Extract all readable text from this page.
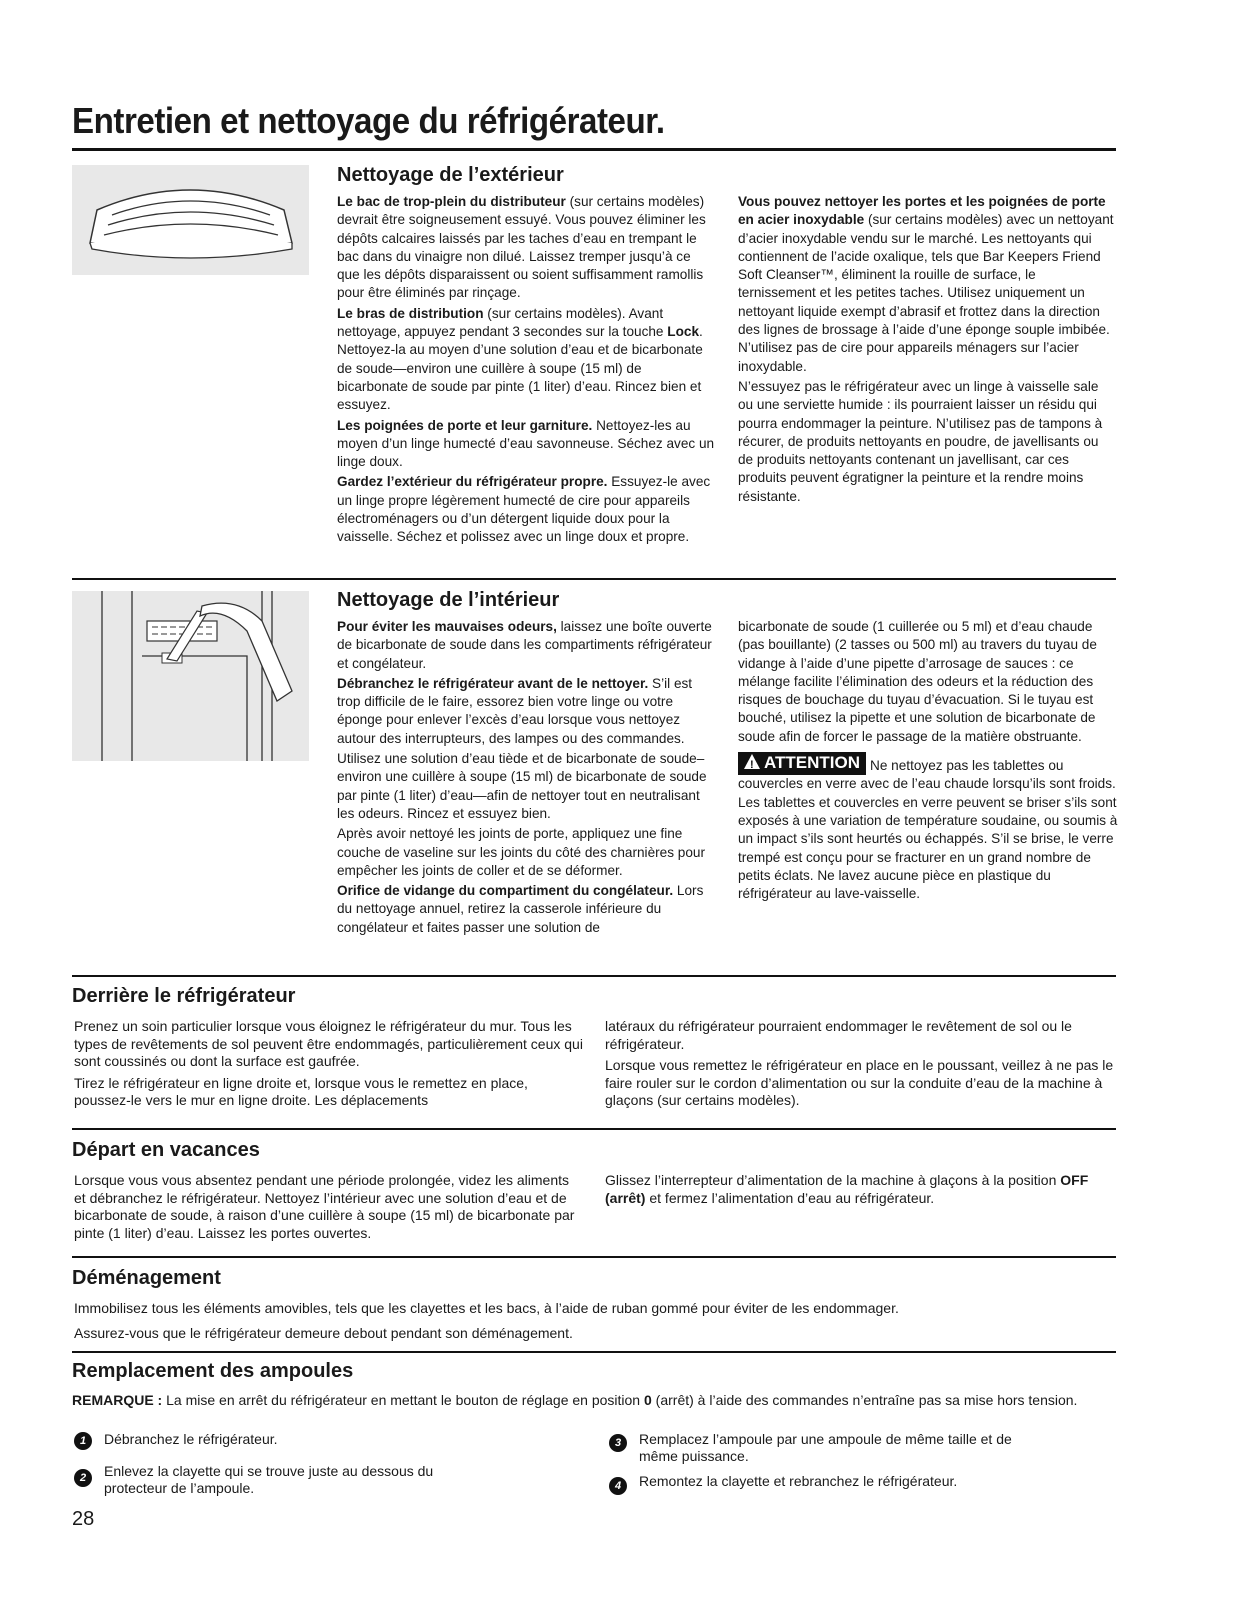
Entretien et nettoyage du réfrigérateur.
Nettoyage de l’extérieur

Le bac de trop-plein du distributeur (sur certains modèles) devrait être soigneusement essuyé. Vous pouvez éliminer les dépôts calcaires laissés par les taches d’eau en trempant le bac dans du vinaigre non dilué. Laissez tremper jusqu’à ce que les dépôts disparaissent ou soient suffisamment ramollis pour être éliminés par rinçage.

Le bras de distribution (sur certains modèles). Avant nettoyage, appuyez pendant 3 secondes sur la touche Lock. Nettoyez-la au moyen d’une solution d’eau et de bicarbonate de soude—environ une cuillère à soupe (15 ml) de bicarbonate de soude par pinte (1 liter) d’eau. Rincez bien et essuyez.

Les poignées de porte et leur garniture. Nettoyez-les au moyen d’un linge humecté d’eau savonneuse. Séchez avec un linge doux.

Gardez l’extérieur du réfrigérateur propre. Essuyez-le avec un linge propre légèrement humecté de cire pour appareils électroménagers ou d’un détergent liquide doux pour la vaisselle. Séchez et polissez avec un linge doux et propre.

Vous pouvez nettoyer les portes et les poignées de porte en acier inoxydable (sur certains modèles) avec un nettoyant d’acier inoxydable vendu sur le marché. Les nettoyants qui contiennent de l’acide oxalique, tels que Bar Keepers Friend Soft Cleanser™, éliminent la rouille de surface, le ternissement et les petites taches. Utilisez uniquement un nettoyant liquide exempt d’abrasif et frottez dans la direction des lignes de brossage à l’aide d’une éponge souple imbibée. N’utilisez pas de cire pour appareils ménagers sur l’acier inoxydable.

N’essuyez pas le réfrigérateur avec un linge à vaisselle sale ou une serviette humide : ils pourraient laisser un résidu qui pourra endommager la peinture. N’utilisez pas de tampons à récurer, de produits nettoyants en poudre, de javellisants ou de produits nettoyants contenant un javellisant, car ces produits peuvent égratigner la peinture et la rendre moins résistante.

Nettoyage de l’intérieur

Pour éviter les mauvaises odeurs, laissez une boîte ouverte de bicarbonate de soude dans les compartiments réfrigérateur et congélateur.

Débranchez le réfrigérateur avant de le nettoyer. S’il est trop difficile de le faire, essorez bien votre linge ou votre éponge pour enlever l’excès d’eau lorsque vous nettoyez autour des interrupteurs, des lampes ou des commandes.

Utilisez une solution d’eau tiède et de bicarbonate de soude–environ une cuillère à soupe (15 ml) de bicarbonate de soude par pinte (1 liter) d’eau—afin de nettoyer tout en neutralisant les odeurs. Rincez et essuyez bien.

Après avoir nettoyé les joints de porte, appliquez une fine couche de vaseline sur les joints du côté des charnières pour empêcher les joints de coller et de se déformer.

Orifice de vidange du compartiment du congélateur. Lors du nettoyage annuel, retirez la casserole inférieure du congélateur et faites passer une solution de

bicarbonate de soude (1 cuillerée ou 5 ml) et d’eau chaude (pas bouillante) (2 tasses ou 500 ml) au travers du tuyau de vidange à l’aide d’une pipette d’arrosage de sauces : ce mélange facilite l’élimination des odeurs et la réduction des risques de bouchage du tuyau d’évacuation. Si le tuyau est bouché, utilisez la pipette et une solution de bicarbonate de soude afin de forcer le passage de la matière obstruante.

! ATTENTION Ne nettoyez pas les tablettes ou couvercles en verre avec de l’eau chaude lorsqu’ils sont froids. Les tablettes et couvercles en verre peuvent se briser s’ils sont exposés à une variation de température soudaine, ou soumis à un impact s’ils sont heurtés ou échappés. S’il se brise, le verre trempé est conçu pour se fracturer en un grand nombre de petits éclats. Ne lavez aucune pièce en plastique du réfrigérateur au lave-vaisselle.

Derrière le réfrigérateur

Prenez un soin particulier lorsque vous éloignez le réfrigérateur du mur. Tous les types de revêtements de sol peuvent être endommagés, particulièrement ceux qui sont coussinés ou dont la surface est gaufrée.

Tirez le réfrigérateur en ligne droite et, lorsque vous le remettez en place, poussez-le vers le mur en ligne droite. Les déplacements

latéraux du réfrigérateur pourraient endommager le revêtement de sol ou le réfrigérateur.

Lorsque vous remettez le réfrigérateur en place en le poussant, veillez à ne pas le faire rouler sur le cordon d’alimentation ou sur la conduite d’eau de la machine à glaçons (sur certains modèles).

Départ en vacances

Lorsque vous vous absentez pendant une période prolongée, videz les aliments et débranchez le réfrigérateur. Nettoyez l’intérieur avec une solution d’eau et de bicarbonate de soude, à raison d’une cuillère à soupe (15 ml) de bicarbonate par pinte (1 liter) d’eau. Laissez les portes ouvertes.

Glissez l’interrepteur d’alimentation de la machine à glaçons à la position OFF (arrêt) et fermez l’alimentation d’eau au réfrigérateur.

Déménagement

Immobilisez tous les éléments amovibles, tels que les clayettes et les bacs, à l’aide de ruban gommé pour éviter de les endommager.

Assurez-vous que le réfrigérateur demeure debout pendant son déménagement.

Remplacement des ampoules

REMARQUE : La mise en arrêt du réfrigérateur en mettant le bouton de réglage en position 0 (arrêt) à l’aide des commandes n’entraîne pas sa mise hors tension.

1	Débranchez le réfrigérateur.
2	Enlevez la clayette qui se trouve juste au dessous du protecteur de l’ampoule.
3	Remplacez l’ampoule par une ampoule de même taille et de même puissance.
4	Remontez la clayette et rebranchez le réfrigérateur.
28
